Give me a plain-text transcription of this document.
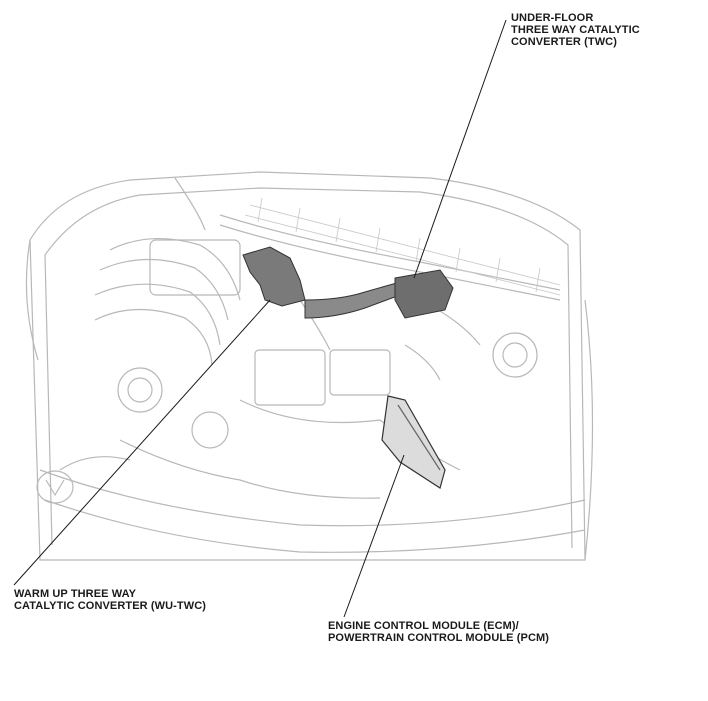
UNDER-FLOOR
THREE WAY CATALYTIC
CONVERTER (TWC)
WARM UP THREE WAY
CATALYTIC CONVERTER (WU-TWC)
ENGINE CONTROL MODULE (ECM)/
POWERTRAIN CONTROL MODULE (PCM)
